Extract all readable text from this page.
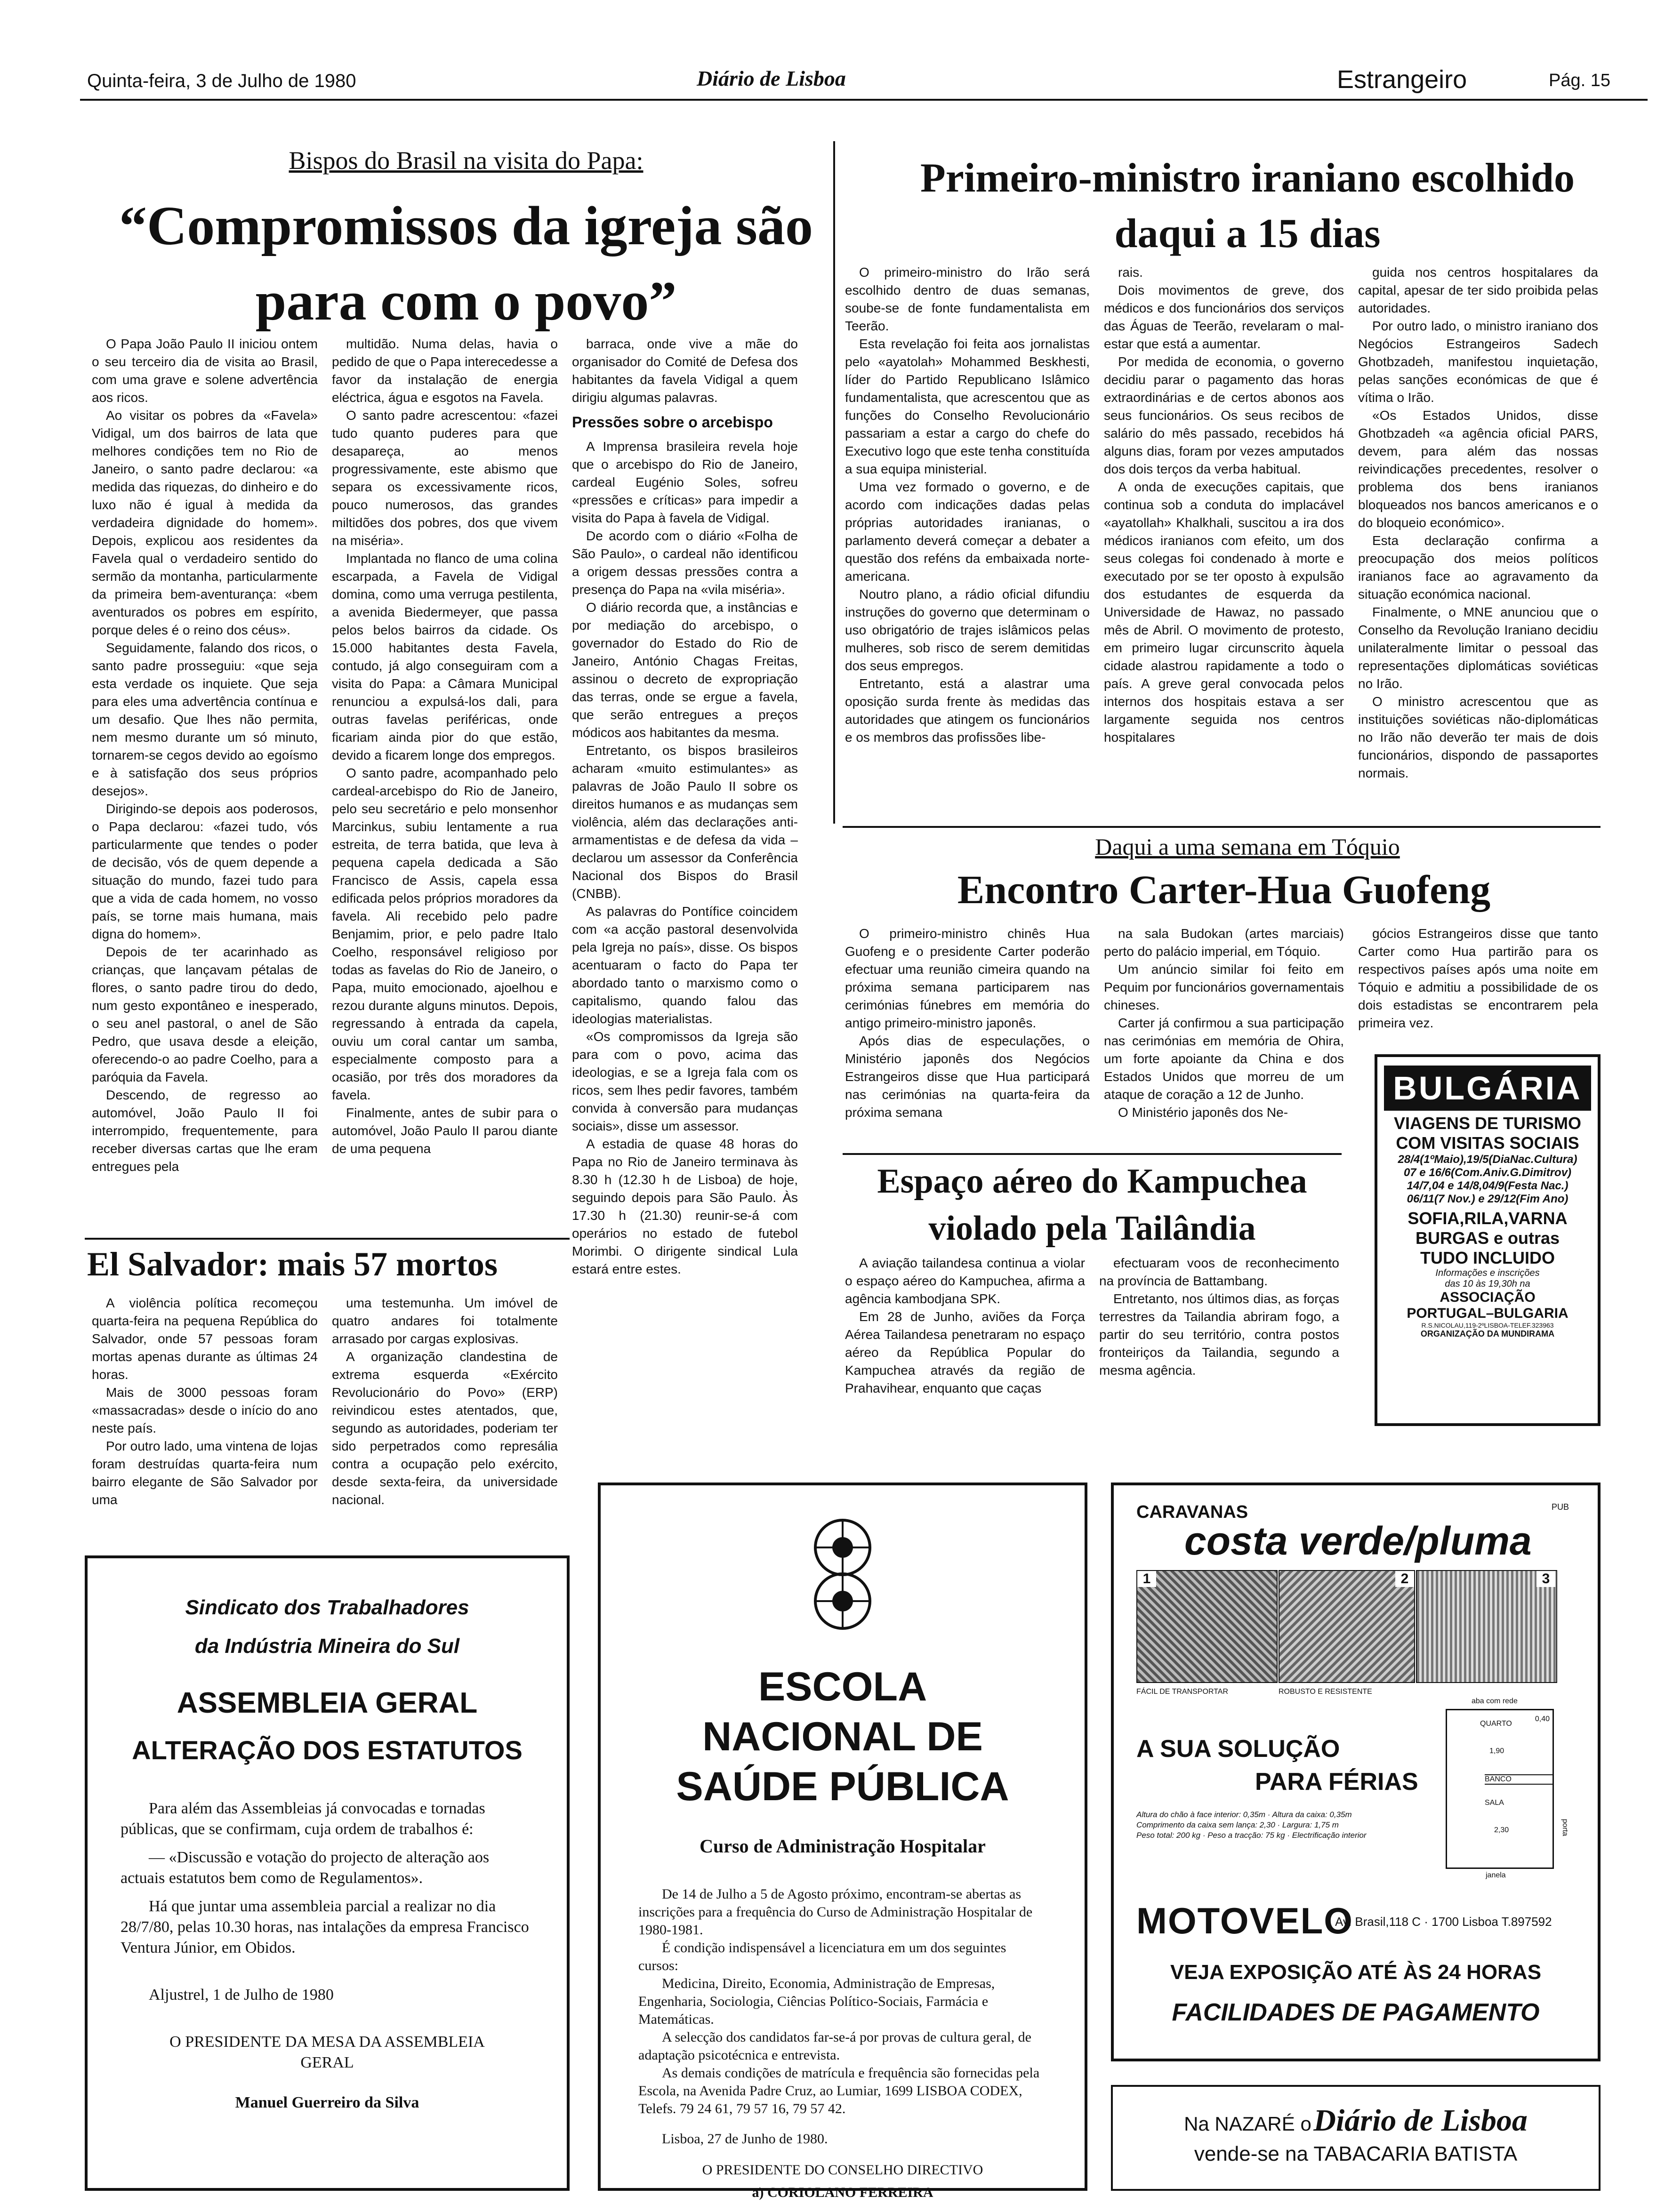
Quinta-feira, 3 de Julho de 1980	Diário de Lisboa	Estrangeiro	Pág. 15
Bispos do Brasil na visita do Papa:
“Compromissos da igreja são para com o povo”

O Papa João Paulo II iniciou ontem o seu terceiro dia de visita ao Brasil, com uma grave e solene advertência aos ricos.

Ao visitar os pobres da «Favela» Vidigal, um dos bairros de lata que melhores condições tem no Rio de Janeiro, o santo padre declarou: «a medida das riquezas, do dinheiro e do luxo não é igual à medida da verdadeira dignidade do homem». Depois, explicou aos residentes da Favela qual o verdadeiro sentido do sermão da montanha, particularmente da primeira bem-aventurança: «bem aventurados os pobres em espírito, porque deles é o reino dos céus».

Seguidamente, falando dos ricos, o santo padre prosseguiu: «que seja esta verdade os inquiete. Que seja para eles uma advertência contínua e um desafio. Que lhes não permita, nem mesmo durante um só minuto, tornarem-se cegos devido ao egoísmo e à satisfação dos seus próprios desejos».

Dirigindo-se depois aos poderosos, o Papa declarou: «fazei tudo, vós particularmente que tendes o poder de decisão, vós de quem depende a situação do mundo, fazei tudo para que a vida de cada homem, no vosso país, se torne mais humana, mais digna do homem».

Depois de ter acarinhado as crianças, que lançavam pétalas de flores, o santo padre tirou do dedo, num gesto expontâneo e inesperado, o seu anel pastoral, o anel de São Pedro, que usava desde a eleição, oferecendo-o ao padre Coelho, para a paróquia da Favela.

Descendo, de regresso ao automóvel, João Paulo II foi interrompido, frequentemente, para receber diversas cartas que lhe eram entregues pela

multidão. Numa delas, havia o pedido de que o Papa interecedesse a favor da instalação de energia eléctrica, água e esgotos na Favela.

O santo padre acrescentou: «fazei tudo quanto puderes para que desapareça, ao menos progressivamente, este abismo que separa os excessivamente ricos, pouco numerosos, das grandes miltidões dos pobres, dos que vivem na miséria».

Implantada no flanco de uma colina escarpada, a Favela de Vidigal domina, como uma verruga pestilenta, a avenida Biedermeyer, que passa pelos belos bairros da cidade. Os 15.000 habitantes desta Favela, contudo, já algo conseguiram com a visita do Papa: a Câmara Municipal renunciou a expulsá-los dali, para outras favelas periféricas, onde ficariam ainda pior do que estão, devido a ficarem longe dos empregos.

O santo padre, acompanhado pelo cardeal-arcebispo do Rio de Janeiro, pelo seu secretário e pelo monsenhor Marcinkus, subiu lentamente a rua estreita, de terra batida, que leva à pequena capela dedicada a São Francisco de Assis, capela essa edificada pelos próprios moradores da favela. Ali recebido pelo padre Benjamim, prior, e pelo padre Italo Coelho, responsável religioso por todas as favelas do Rio de Janeiro, o Papa, muito emocionado, ajoelhou e rezou durante alguns minutos. Depois, regressando à entrada da capela, ouviu um coral cantar um samba, especialmente composto para a ocasião, por três dos moradores da favela.

Finalmente, antes de subir para o automóvel, João Paulo II parou diante de uma pequena

barraca, onde vive a mãe do organisador do Comité de Defesa dos habitantes da favela Vidigal a quem dirigiu algumas palavras.

Pressões sobre o arcebispo

A Imprensa brasileira revela hoje que o arcebispo do Rio de Janeiro, cardeal Eugénio Soles, sofreu «pressões e críticas» para impedir a visita do Papa à favela de Vidigal.

De acordo com o diário «Folha de São Paulo», o cardeal não identificou a origem dessas pressões contra a presença do Papa na «vila miséria».

O diário recorda que, a instâncias e por mediação do arcebispo, o governador do Estado do Rio de Janeiro, António Chagas Freitas, assinou o decreto de expropriação das terras, onde se ergue a favela, que serão entregues a preços módicos aos habitantes da mesma.

Entretanto, os bispos brasileiros acharam «muito estimulantes» as palavras de João Paulo II sobre os direitos humanos e as mudanças sem violência, além das declarações anti-armamentistas e de defesa da vida – declarou um assessor da Conferência Nacional dos Bispos do Brasil (CNBB).

As palavras do Pontífice coincidem com «a acção pastoral desenvolvida pela Igreja no país», disse. Os bispos acentuaram o facto do Papa ter abordado tanto o marxismo como o capitalismo, quando falou das ideologias materialistas.

«Os compromissos da Igreja são para com o povo, acima das ideologias, e se a Igreja fala com os ricos, sem lhes pedir favores, também convida à conversão para mudanças sociais», disse um assessor.

A estadia de quase 48 horas do Papa no Rio de Janeiro terminava às 8.30 h (12.30 h de Lisboa) de hoje, seguindo depois para São Paulo. Às 17.30 h (21.30) reunir-se-á com operários no estado de futebol Morimbi. O dirigente sindical Lula estará entre estes.

El Salvador: mais 57 mortos

A violência política recomeçou quarta-feira na pequena República do Salvador, onde 57 pessoas foram mortas apenas durante as últimas 24 horas.

Mais de 3000 pessoas foram «massacradas» desde o início do ano neste país.

Por outro lado, uma vintena de lojas foram destruídas quarta-feira num bairro elegante de São Salvador por uma

uma testemunha. Um imóvel de quatro andares foi totalmente arrasado por cargas explosivas.

A organização clandestina de extrema esquerda «Exército Revolucionário do Povo» (ERP) reivindicou estes atentados, que, segundo as autoridades, poderiam ter sido perpetrados como represália contra a ocupação pelo exército, desde sexta-feira, da universidade nacional.

Primeiro-ministro iraniano escolhido daqui a 15 dias

O primeiro-ministro do Irão será escolhido dentro de duas semanas, soube-se de fonte fundamentalista em Teerão.

Esta revelação foi feita aos jornalistas pelo «ayatolah» Mohammed Beskhesti, líder do Partido Republicano Islâmico fundamentalista, que acrescentou que as funções do Conselho Revolucionário passariam a estar a cargo do chefe do Executivo logo que este tenha constituída a sua equipa ministerial.

Uma vez formado o governo, e de acordo com indicações dadas pelas próprias autoridades iranianas, o parlamento deverá começar a debater a questão dos reféns da embaixada norte-americana.

Noutro plano, a rádio oficial difundiu instruções do governo que determinam o uso obrigatório de trajes islâmicos pelas mulheres, sob risco de serem demitidas dos seus empregos.

Entretanto, está a alastrar uma oposição surda frente às medidas das autoridades que atingem os funcionários e os membros das profissões libe-

rais.

Dois movimentos de greve, dos médicos e dos funcionários dos serviços das Águas de Teerão, revelaram o mal-estar que está a aumentar.

Por medida de economia, o governo decidiu parar o pagamento das horas extraordinárias e de certos abonos aos seus funcionários. Os seus recibos de salário do mês passado, recebidos há alguns dias, foram por vezes amputados dos dois terços da verba habitual.

A onda de execuções capitais, que continua sob a conduta do implacável «ayatollah» Khalkhali, suscitou a ira dos médicos iranianos com efeito, um dos seus colegas foi condenado à morte e executado por se ter oposto à expulsão dos estudantes de esquerda da Universidade de Hawaz, no passado mês de Abril. O movimento de protesto, em primeiro lugar circunscrito àquela cidade alastrou rapidamente a todo o país. A greve geral convocada pelos internos dos hospitais estava a ser largamente seguida nos centros hospitalares

guida nos centros hospitalares da capital, apesar de ter sido proibida pelas autoridades.

Por outro lado, o ministro iraniano dos Negócios Estrangeiros Sadech Ghotbzadeh, manifestou inquietação, pelas sanções económicas de que é vítima o Irão.

«Os Estados Unidos, disse Ghotbzadeh «a agência oficial PARS, devem, para além das nossas reivindicações precedentes, resolver o problema dos bens iranianos bloqueados nos bancos americanos e o do bloqueio económico».

Esta declaração confirma a preocupação dos meios políticos iranianos face ao agravamento da situação económica nacional.

Finalmente, o MNE anunciou que o Conselho da Revolução Iraniano decidiu unilateralmente limitar o pessoal das representações diplomáticas soviéticas no Irão.

O ministro acrescentou que as instituições soviéticas não-diplomáticas no Irão não deverão ter mais de dois funcionários, dispondo de passaportes normais.

Daqui a uma semana em Tóquio
Encontro Carter-Hua Guofeng

O primeiro-ministro chinês Hua Guofeng e o presidente Carter poderão efectuar uma reunião cimeira quando na próxima semana participarem nas cerimónias fúnebres em memória do antigo primeiro-ministro japonês.

Após dias de especulações, o Ministério japonês dos Negócios Estrangeiros disse que Hua participará nas cerimónias na quarta-feira da próxima semana

na sala Budokan (artes marciais) perto do palácio imperial, em Tóquio.

Um anúncio similar foi feito em Pequim por funcionários governamentais chineses.

Carter já confirmou a sua participação nas cerimónias em memória de Ohira, um forte apoiante da China e dos Estados Unidos que morreu de um ataque de coração a 12 de Junho.

O Ministério japonês dos Ne-

gócios Estrangeiros disse que tanto Carter como Hua partirão para os respectivos países após uma noite em Tóquio e admitiu a possibilidade de os dois estadistas se encontrarem pela primeira vez.

Espaço aéreo do Kampuchea violado pela Tailândia

A aviação tailandesa continua a violar o espaço aéreo do Kampuchea, afirma a agência kambodjana SPK.

Em 28 de Junho, aviões da Força Aérea Tailandesa penetraram no espaço aéreo da República Popular do Kampuchea através da região de Prahavihear, enquanto que caças

efectuaram voos de reconhecimento na província de Battambang.

Entretanto, nos últimos dias, as forças terrestres da Tailandia abriram fogo, a partir do seu território, contra postos fronteiriços da Tailandia, segundo a mesma agência.

BULGÁRIA
VIAGENS DE TURISMO
COM VISITAS SOCIAIS
28/4(1ºMaio),19/5(DiaNac.Cultura)
07 e 16/6(Com.Aniv.G.Dimitrov)
14/7,04 e 14/8,04/9(Festa Nac.)
06/11(7 Nov.) e 29/12(Fim Ano)
SOFIA,RILA,VARNA
BURGAS e outras
TUDO INCLUIDO
Informações e inscrições
das 10 às 19,30h na
ASSOCIAÇÃO
PORTUGAL–BULGARIA
R.S.NICOLAU,119-2ºLISBOA-TELEF.323963
ORGANIZAÇÃO DA MUNDIRAMA
Sindicato dos Trabalhadores
da Indústria Mineira do Sul
ASSEMBLEIA GERAL
ALTERAÇÃO DOS ESTATUTOS
Para além das Assembleias já convocadas e tornadas públicas, que se confirmam, cuja ordem de trabalhos é:
— «Discussão e votação do projecto de alteração aos actuais estatutos bem como de Regulamentos».
Há que juntar uma assembleia parcial a realizar no dia 28/7/80, pelas 10.30 horas, nas intalações da empresa Francisco Ventura Júnior, em Obidos.
Aljustrel, 1 de Julho de 1980
O PRESIDENTE DA MESA DA ASSEMBLEIA GERAL
Manuel Guerreiro da Silva
ESCOLA NACIONAL DE SAÚDE PÚBLICA
Curso de Administração Hospitalar
De 14 de Julho a 5 de Agosto próximo, encontram-se abertas as inscrições para a frequência do Curso de Administração Hospitalar de 1980-1981.
É condição indispensável a licenciatura em um dos seguintes cursos:
Medicina, Direito, Economia, Administração de Empresas, Engenharia, Sociologia, Ciências Político-Sociais, Farmácia e Matemáticas.
A selecção dos candidatos far-se-á por provas de cultura geral, de adaptação psicotécnica e entrevista.
As demais condições de matrícula e frequência são fornecidas pela Escola, na Avenida Padre Cruz, ao Lumiar, 1699 LISBOA CODEX, Telefs. 79 24 61, 79 57 16, 79 57 42.
Lisboa, 27 de Junho de 1980.
O PRESIDENTE DO CONSELHO DIRECTIVO
a) CORIOLANO FERREIRA
CARAVANAS	PUB
costa verde/pluma
1	2	3
FÁCIL DE TRANSPORTAR	ROBUSTO E RESISTENTE
A SUA SOLUÇÃO
PARA FÉRIAS
Altura do chão à face interior: 0,35m · Altura da caixa: 0,35m
Comprimento da caixa sem lança: 2,30 · Largura: 1,75 m
Peso total: 200 kg · Peso a tracção: 75 kg · Electrificação interior
aba com rede
QUARTO
1,90
BANCO
SALA
2,30
0,40
porta
janela
MOTOVELO
Av. Brasil,118 C · 1700 Lisboa T.897592
VEJA EXPOSIÇÃO ATÉ ÀS 24 HORAS
FACILIDADES DE PAGAMENTO
Na NAZARÉ o Diário de Lisboa
vende-se na TABACARIA BATISTA
